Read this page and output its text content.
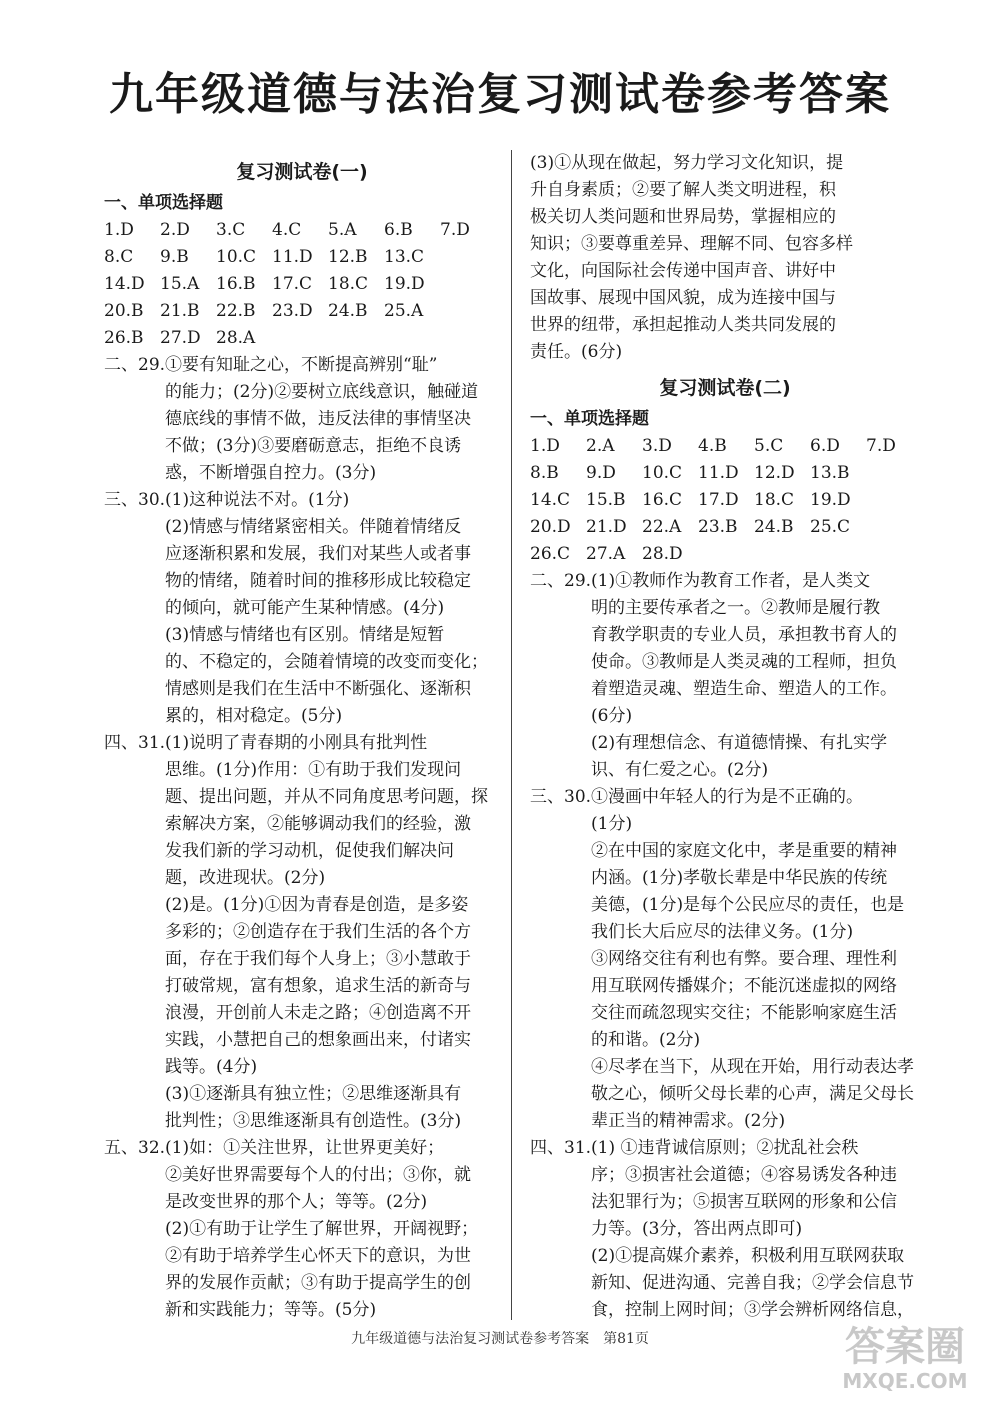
九年级道德与法治复习测试卷参考答案
复习测试卷(一)
一、单项选择题
1.D 2.D 3.C 4.C 5.A 6.B 7.D
8.C 9.B 10.C 11.D 12.B 13.C
14.D 15.A 16.B 17.C 18.C 19.D
20.B 21.B 22.B 23.D 24.B 25.A
26.B 27.D 28.A
二、29. ①要有知耻之心，不断提高辨别“耻”
的能力；(2分)②要树立底线意识，触碰道
德底线的事情不做，违反法律的事情坚决
不做；(3分)③要磨砺意志，拒绝不良诱
惑，不断增强自控力。(3分)
三、30. (1)这种说法不对。(1分)
(2)情感与情绪紧密相关。伴随着情绪反
应逐渐积累和发展，我们对某些人或者事
物的情绪，随着时间的推移形成比较稳定
的倾向，就可能产生某种情感。(4分)
(3)情感与情绪也有区别。情绪是短暂
的、不稳定的，会随着情境的改变而变化；
情感则是我们在生活中不断强化、逐渐积
累的，相对稳定。(5分)
四、31. (1)说明了青春期的小刚具有批判性
思维。(1分)作用：①有助于我们发现问
题、提出问题，并从不同角度思考问题，探
索解决方案，②能够调动我们的经验，激
发我们新的学习动机，促使我们解决问
题，改进现状。(2分)
(2)是。(1分)①因为青春是创造，是多姿
多彩的；②创造存在于我们生活的各个方
面，存在于我们每个人身上；③小慧敢于
打破常规，富有想象，追求生活的新奇与
浪漫，开创前人未走之路；④创造离不开
实践，小慧把自己的想象画出来，付诸实
践等。(4分)
(3)①逐渐具有独立性；②思维逐渐具有
批判性；③思维逐渐具有创造性。(3分)
五、32. (1)如：①关注世界，让世界更美好；
②美好世界需要每个人的付出；③你，就
是改变世界的那个人；等等。(2分)
(2)①有助于让学生了解世界，开阔视野；
②有助于培养学生心怀天下的意识，为世
界的发展作贡献；③有助于提高学生的创
新和实践能力；等等。(5分)
(3)①从现在做起，努力学习文化知识，提
升自身素质；②要了解人类文明进程，积
极关切人类问题和世界局势，掌握相应的
知识；③要尊重差异、理解不同、包容多样
文化，向国际社会传递中国声音、讲好中
国故事、展现中国风貌，成为连接中国与
世界的纽带，承担起推动人类共同发展的
责任。(6分)
复习测试卷(二)
一、单项选择题
1.D 2.A 3.D 4.B 5.C 6.D 7.D
8.B 9.D 10.C 11.D 12.D 13.B
14.C 15.B 16.C 17.D 18.C 19.D
20.D 21.D 22.A 23.B 24.B 25.C
26.C 27.A 28.D
二、29. (1)①教师作为教育工作者，是人类文
明的主要传承者之一。②教师是履行教
育教学职责的专业人员，承担教书育人的
使命。③教师是人类灵魂的工程师，担负
着塑造灵魂、塑造生命、塑造人的工作。
(6分)
(2)有理想信念、有道德情操、有扎实学
识、有仁爱之心。(2分)
三、30. ①漫画中年轻人的行为是不正确的。
(1分)
②在中国的家庭文化中，孝是重要的精神
内涵。(1分)孝敬长辈是中华民族的传统
美德，(1分)是每个公民应尽的责任，也是
我们长大后应尽的法律义务。(1分)
③网络交往有利也有弊。要合理、理性利
用互联网传播媒介；不能沉迷虚拟的网络
交往而疏忽现实交往；不能影响家庭生活
的和谐。(2分)
④尽孝在当下，从现在开始，用行动表达孝
敬之心，倾听父母长辈的心声，满足父母长
辈正当的精神需求。(2分)
四、31. (1) ①违背诚信原则；②扰乱社会秩
序；③损害社会道德；④容易诱发各种违
法犯罪行为；⑤损害互联网的形象和公信
力等。(3分，答出两点即可)
(2)①提高媒介素养，积极利用互联网获取
新知、促进沟通、完善自我；②学会信息节
食，控制上网时间；③学会辨析网络信息，
九年级道德与法治复习测试卷参考答案　第81页	答案圈
MXQE.COM
